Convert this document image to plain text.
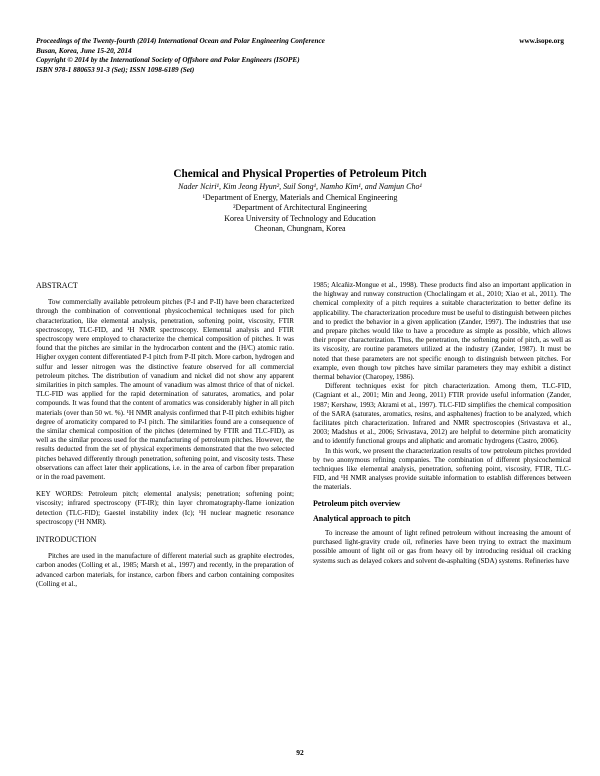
Proceedings of the Twenty-fourth (2014) International Ocean and Polar Engineering Conference
Busan, Korea, June 15-20, 2014
Copyright © 2014 by the International Society of Offshore and Polar Engineers (ISOPE)
ISBN 978-1 880653 91-3 (Set); ISSN 1098-6189 (Set)
www.isope.org
Chemical and Physical Properties of Petroleum Pitch
Nader Nciri¹, Kim Jeong Hyun², Suil Song¹, Namho Kim¹, and Namjun Cho¹
¹Department of Energy, Materials and Chemical Engineering
²Department of Architectural Engineering
Korea University of Technology and Education
Cheonan, Chungnam, Korea
ABSTRACT

Tow commercially available petroleum pitches (P-I and P-II) have been characterized through the combination of conventional physicochemical techniques used for pitch characterization, like elemental analysis, penetration, softening point, viscosity, FTIR spectroscopy, TLC-FID, and ¹H NMR spectroscopy. Elemental analysis and FTIR spectroscopy were employed to characterize the chemical composition of pitches. It was found that the pitches are similar in the hydrocarbon content and the (H/C) atomic ratio. Higher oxygen content differentiated P-I pitch from P-II pitch. More carbon, hydrogen and sulfur and lesser nitrogen was the distinctive feature observed for all commercial petroleum pitches. The distribution of vanadium and nickel did not show any apparent similarities in pitch samples. The amount of vanadium was almost thrice of that of nickel. TLC-FID was applied for the rapid determination of saturates, aromatics, and polar compounds. It was found that the content of aromatics was considerably higher in all pitch materials (over than 50 wt. %). ¹H NMR analysis confirmed that P-II pitch exhibits higher degree of aromaticity compared to P-I pitch. The similarities found are a consequence of the similar chemical composition of the pitches (determined by FTIR and TLC-FID), as well as the similar process used for the manufacturing of petroleum pitches. However, the results deducted from the set of physical experiments demonstrated that the two selected pitches behaved differently through penetration, softening point, and viscosity tests. These observations can affect later their applications, i.e. in the area of carbon fiber preparation or in the road pavement.

KEY WORDS: Petroleum pitch; elemental analysis; penetration; softening point; viscosity; infrared spectroscopy (FT-IR); thin layer chromatography-flame ionization detection (TLC-FID); Gaestel instability index (Ic); ¹H nuclear magnetic resonance spectroscopy (¹H NMR).

INTRODUCTION

Pitches are used in the manufacture of different material such as graphite electrodes, carbon anodes (Colling et al., 1985; Marsh et al., 1997) and recently, in the preparation of advanced carbon materials, for instance, carbon fibers and carbon containing composites (Colling et al.,

1985; Alcañiz-Mongue et al., 1998). These products find also an important application in the highway and runway construction (Choclalingam et al., 2010; Xiao et al., 2011). The chemical complexity of a pitch requires a suitable characterization to better define its applicability. The characterization procedure must be useful to distinguish between pitches and to predict the behavior in a given application (Zander, 1997). The industries that use and prepare pitches would like to have a procedure as simple as possible, which allows their proper characterization. Thus, the penetration, the softening point of pitch, as well as its viscosity, are routine parameters utilized at the industry (Zander, 1987). It must be noted that these parameters are not specific enough to distinguish between pitches. For example, even though tow pitches have similar parameters they may exhibit a distinct thermal behavior (Charopey, 1986).

Different techniques exist for pitch characterization. Among them, TLC-FID, (Cagniant et al., 2001; Min and Jeong, 2011) FTIR provide useful information (Zander, 1987; Kershaw, 1993; Akrami et al., 1997). TLC-FID simplifies the chemical composition of the SARA (saturates, aromatics, resins, and asphaltenes) fraction to be analyzed, which facilitates pitch characterization. Infrared and NMR spectroscopies (Srivastava et al., 2003; Madshus et al., 2006; Srivastava, 2012) are helpful to determine pitch aromaticity and to identify functional groups and aliphatic and aromatic hydrogens (Castro, 2006).

In this work, we present the characterization results of tow petroleum pitches provided by two anonymous refining companies. The combination of different physicochemical techniques like elemental analysis, penetration, softening point, viscosity, FTIR, TLC-FID, and ¹H NMR analyses provide suitable information to establish differences between the materials.

Petroleum pitch overview
Analytical approach to pitch

To increase the amount of light refined petroleum without increasing the amount of purchased light-gravity crude oil, refineries have been trying to extract the maximum possible amount of light oil or gas from heavy oil by introducing residual oil cracking systems such as delayed cokers and solvent de-asphalting (SDA) systems. Refineries have

92
